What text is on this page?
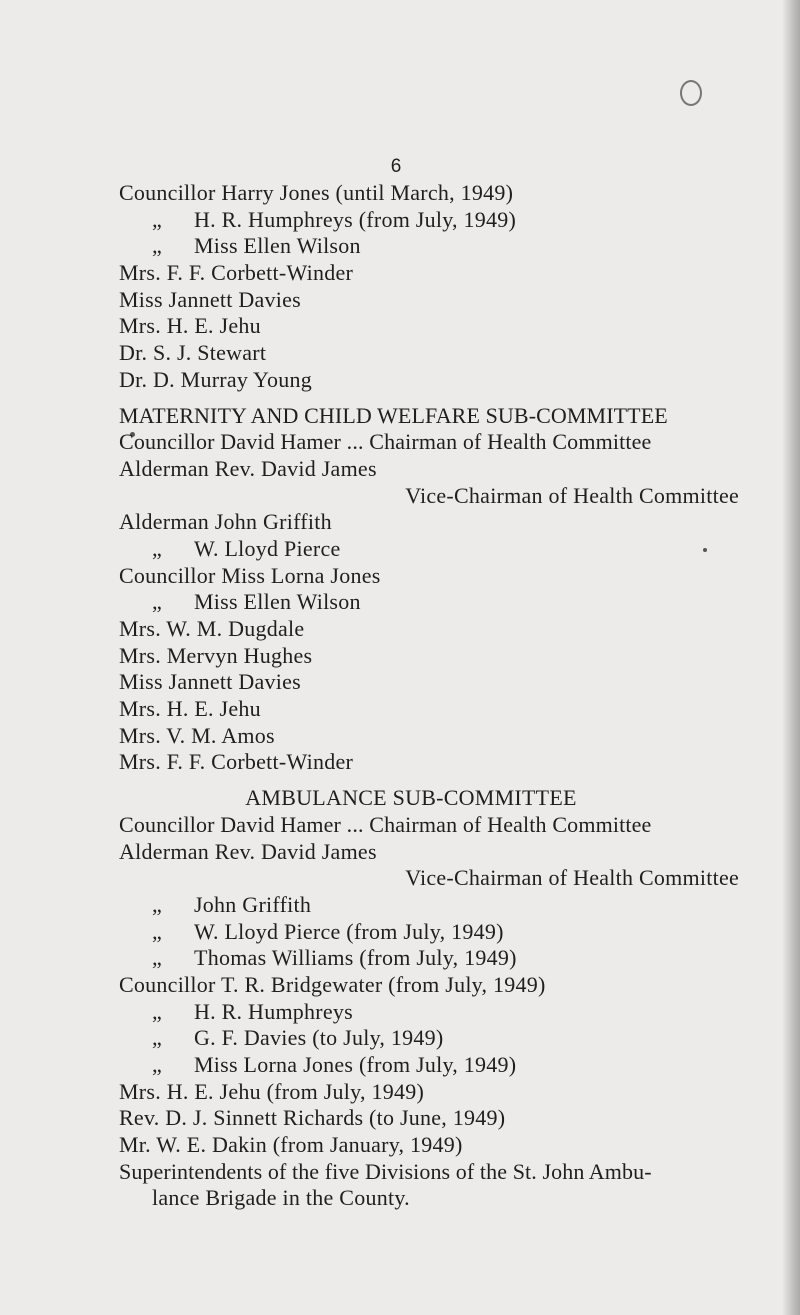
6
Councillor Harry Jones (until March, 1949)
„ H. R. Humphreys (from July, 1949)
„ Miss Ellen Wilson
Mrs. F. F. Corbett-Winder
Miss Jannett Davies
Mrs. H. E. Jehu
Dr. S. J. Stewart
Dr. D. Murray Young
MATERNITY AND CHILD WELFARE SUB-COMMITTEE
Councillor David Hamer ... Chairman of Health Committee
Alderman Rev. David James
Vice-Chairman of Health Committee
Alderman John Griffith
„ W. Lloyd Pierce
Councillor Miss Lorna Jones
„ Miss Ellen Wilson
Mrs. W. M. Dugdale
Mrs. Mervyn Hughes
Miss Jannett Davies
Mrs. H. E. Jehu
Mrs. V. M. Amos
Mrs. F. F. Corbett-Winder
AMBULANCE SUB-COMMITTEE
Councillor David Hamer ... Chairman of Health Committee
Alderman Rev. David James
Vice-Chairman of Health Committee
„ John Griffith
„ W. Lloyd Pierce (from July, 1949)
„ Thomas Williams (from July, 1949)
Councillor T. R. Bridgewater (from July, 1949)
„ H. R. Humphreys
„ G. F. Davies (to July, 1949)
„ Miss Lorna Jones (from July, 1949)
Mrs. H. E. Jehu (from July, 1949)
Rev. D. J. Sinnett Richards (to June, 1949)
Mr. W. E. Dakin (from January, 1949)
Superintendents of the five Divisions of the St. John Ambu-
lance Brigade in the County.
